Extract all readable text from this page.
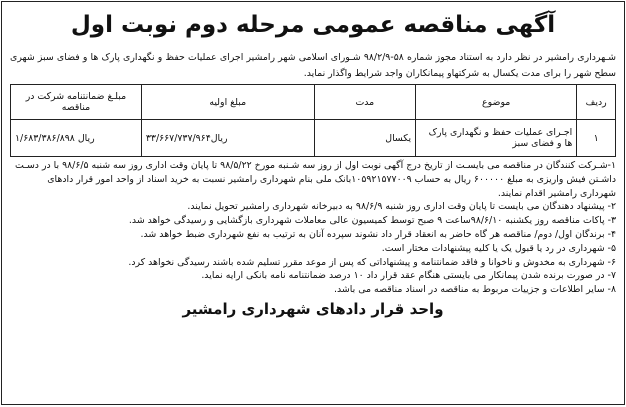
آگهی مناقصه عمومی مرحله دوم نوبت اول
شـهرداری رامشیر در نظر دارد به استناد مجوز شماره ۵۸-۹۸/۲/۹ شـورای اسلامی شهر رامشیر اجرای عملیات حفظ و نگهداری پارک ها و فضای سبز شهری سطح شهر را برای مدت یکسال به شرکتهاو پیمانکاران واجد شرایط واگذار نماید.
ردیف	موضوع	مدت	مبلغ اولیه	مبلـغ ضمانتنامه شرکت در مناقصه
۱	اجـرای عملیات حفظ و نگهداری پارک ها و فضای سبز	یکسال	۳۳/۶۶۷/۷۳۷/۹۶۴ریال	۱/۶۸۳/۳۸۶/۸۹۸ ریال

۱-شـرکت کنندگان در مناقصه می بایسـت از تاریخ درج آگهی نوبت اول از روز سه شـنبه مورخ ۹۸/۵/۲۲ تا پایان وقت اداری روز سه شنبه ۹۸/۶/۵ با در دسـت داشـتن فیش واریزی به مبلغ ۶۰۰۰۰۰ ریال به حساب ۱۰۵۹۲۱۵۷۷۰۰۹بانک ملی بنام شهرداری رامشیر نسبت به خرید اسناد از واحد امور قرار دادهای شهرداری رامشیر اقدام نمایند.

۲- پیشنهاد دهندگان می بایست تا پایان وقت اداری روز شنبه ۹۸/۶/۹ به دبیرخانه شهرداری رامشیر تحویل نمایند.

۳- پاکات مناقصه روز یکشنبه ۹۸/۶/۱۰ساعت ۹ صبح توسط کمیسیون عالی معاملات شهرداری بازگشایی و رسیدگی خواهد شد.

۴- برندگان اول/ دوم/ مناقصه هر گاه حاضر به انعقاد قرار داد نشوند سپرده آنان به ترتیب به نفع شهرداری ضبط خواهد شد.

۵- شهرداری در رد یا قبول یک یا کلیه پیشنهادات مختار است.

۶- شهرداری به مخدوش و ناخوانا و فاقد ضمانتنامه و پیشنهاداتی که پس از موعد مقرر تسلیم شده باشند رسیدگی نخواهد کرد.

۷- در صورت برنده شدن پیمانکار می بایستی هنگام عقد قرار داد ۱۰ درصد ضمانتنامه نامه بانکی ارایه نماید.

۸- سایر اطلاعات و جزییات مربوط به مناقصه در اسناد مناقصه می باشد.

واحد قرار دادهای شهرداری رامشیر
